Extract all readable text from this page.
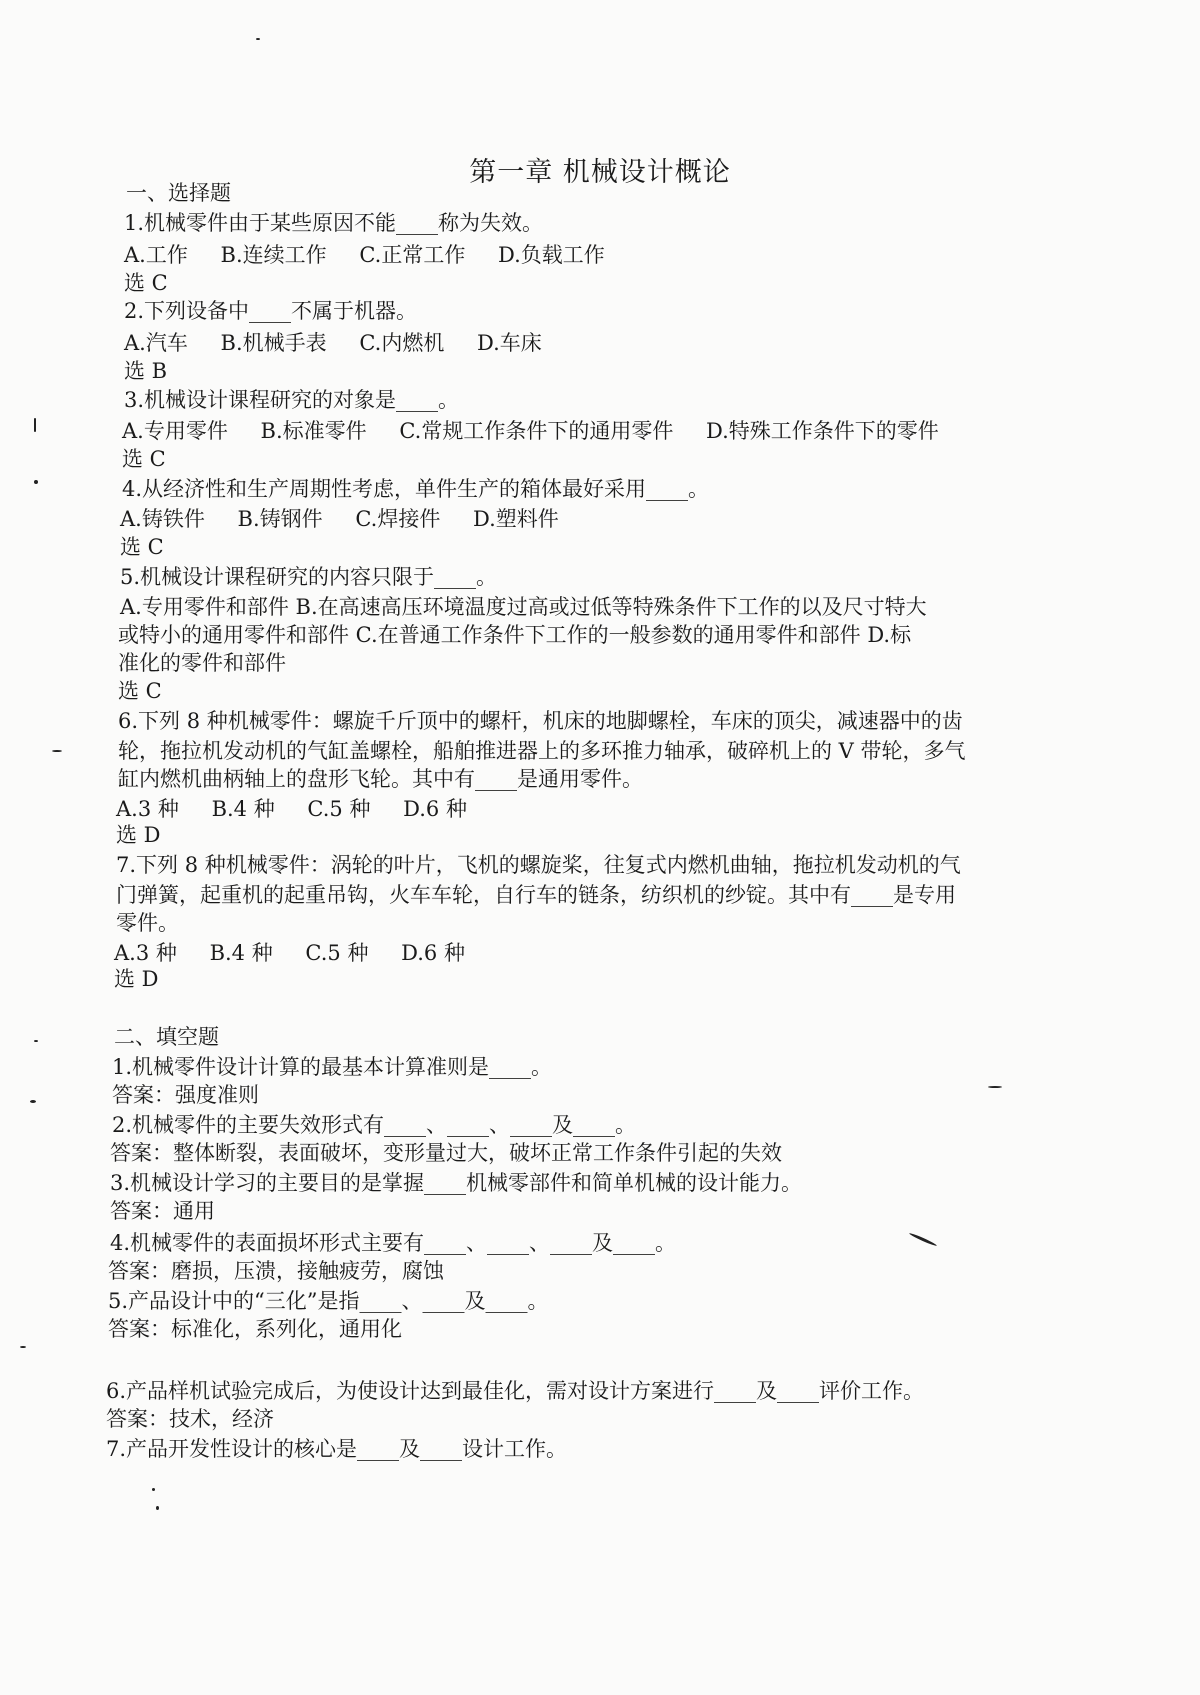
第一章 机械设计概论
一、选择题
1.机械零件由于某些原因不能____称为失效。
A.工作 B.连续工作 C.正常工作 D.负载工作
选 C
2.下列设备中____不属于机器。
A.汽车 B.机械手表 C.内燃机 D.车床
选 B
3.机械设计课程研究的对象是____。
A.专用零件 B.标准零件 C.常规工作条件下的通用零件 D.特殊工作条件下的零件
选 C
4.从经济性和生产周期性考虑，单件生产的箱体最好采用____。
A.铸铁件 B.铸钢件 C.焊接件 D.塑料件
选 C
5.机械设计课程研究的内容只限于____。
A.专用零件和部件 B.在高速高压环境温度过高或过低等特殊条件下工作的以及尺寸特大
或特小的通用零件和部件 C.在普通工作条件下工作的一般参数的通用零件和部件 D.标
准化的零件和部件
选 C
6.下列 8 种机械零件：螺旋千斤顶中的螺杆，机床的地脚螺栓，车床的顶尖，减速器中的齿
轮，拖拉机发动机的气缸盖螺栓，船舶推进器上的多环推力轴承，破碎机上的 V 带轮，多气
缸内燃机曲柄轴上的盘形飞轮。其中有____是通用零件。
A.3 种 B.4 种 C.5 种 D.6 种
选 D
7.下列 8 种机械零件：涡轮的叶片，飞机的螺旋桨，往复式内燃机曲轴，拖拉机发动机的气
门弹簧，起重机的起重吊钩，火车车轮，自行车的链条，纺织机的纱锭。其中有____是专用
零件。
A.3 种 B.4 种 C.5 种 D.6 种
选 D
二、填空题
1.机械零件设计计算的最基本计算准则是____。
答案：强度准则
2.机械零件的主要失效形式有____、____、____及____。
答案：整体断裂，表面破坏，变形量过大，破坏正常工作条件引起的失效
3.机械设计学习的主要目的是掌握____机械零部件和简单机械的设计能力。
答案：通用
4.机械零件的表面损坏形式主要有____、____、____及____。
答案：磨损，压溃，接触疲劳，腐蚀
5.产品设计中的“三化”是指____、____及____。
答案：标准化，系列化，通用化
6.产品样机试验完成后，为使设计达到最佳化，需对设计方案进行____及____评价工作。
答案：技术，经济
7.产品开发性设计的核心是____及____设计工作。
